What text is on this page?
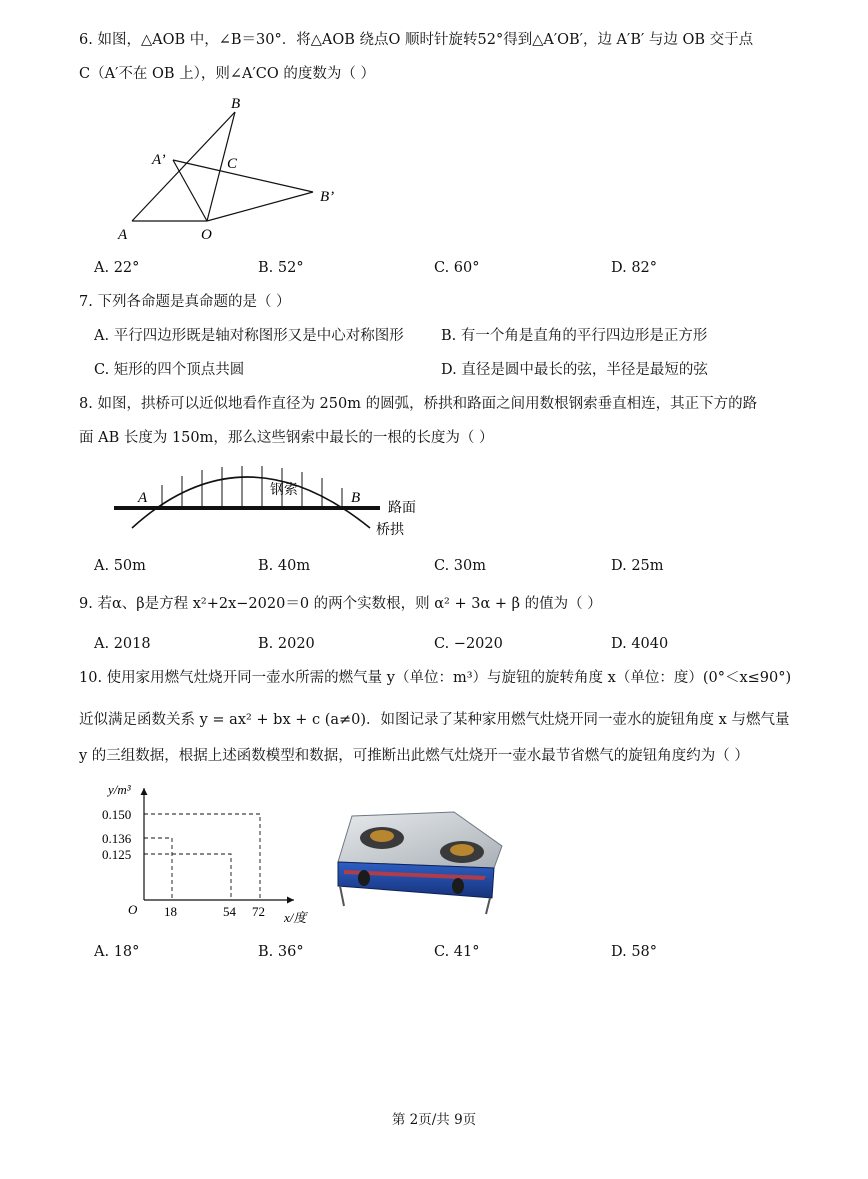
6. 如图，△AOB 中，∠B＝30°．将△AOB 绕点O 顺时针旋转52°得到△A′OB′，边 A′B′ 与边 OB 交于点
C（A′不在 OB 上），则∠A′CO 的度数为（ ）
B
A’	C
B’
A	O
A. 22°	B. 52°	C. 60°	D. 82°
7. 下列各命题是真命题的是（ ）
A. 平行四边形既是轴对称图形又是中心对称图形	B. 有一个角是直角的平行四边形是正方形
C. 矩形的四个顶点共圆	D. 直径是圆中最长的弦，半径是最短的弦
8. 如图，拱桥可以近似地看作直径为 250m 的圆弧，桥拱和路面之间用数根钢索垂直相连，其正下方的路
面 AB 长度为 150m，那么这些钢索中最长的一根的长度为（ ）
A	B
钢索
路面
桥拱
A. 50m	B. 40m	C. 30m	D. 25m
9. 若α、β是方程 x²+2x−2020＝0 的两个实数根，则 α² + 3α + β 的值为（ ）
A. 2018	B. 2020	C. −2020	D. 4040
10. 使用家用燃气灶烧开同一壶水所需的燃气量 y（单位：m³）与旋钮的旋转角度 x（单位：度）(0°＜x≤90°)
近似满足函数关系 y = ax² + bx + c (a≠0)．如图记录了某种家用燃气灶烧开同一壶水的旋钮角度 x 与燃气量
y 的三组数据，根据上述函数模型和数据，可推断出此燃气灶烧开一壶水最节省燃气的旋钮角度约为（ ）
y/m³
0.150
0.136
0.125
O 18	54 72 x/度
A. 18°	B. 36°	C. 41°	D. 58°
第 2页/共 9页
